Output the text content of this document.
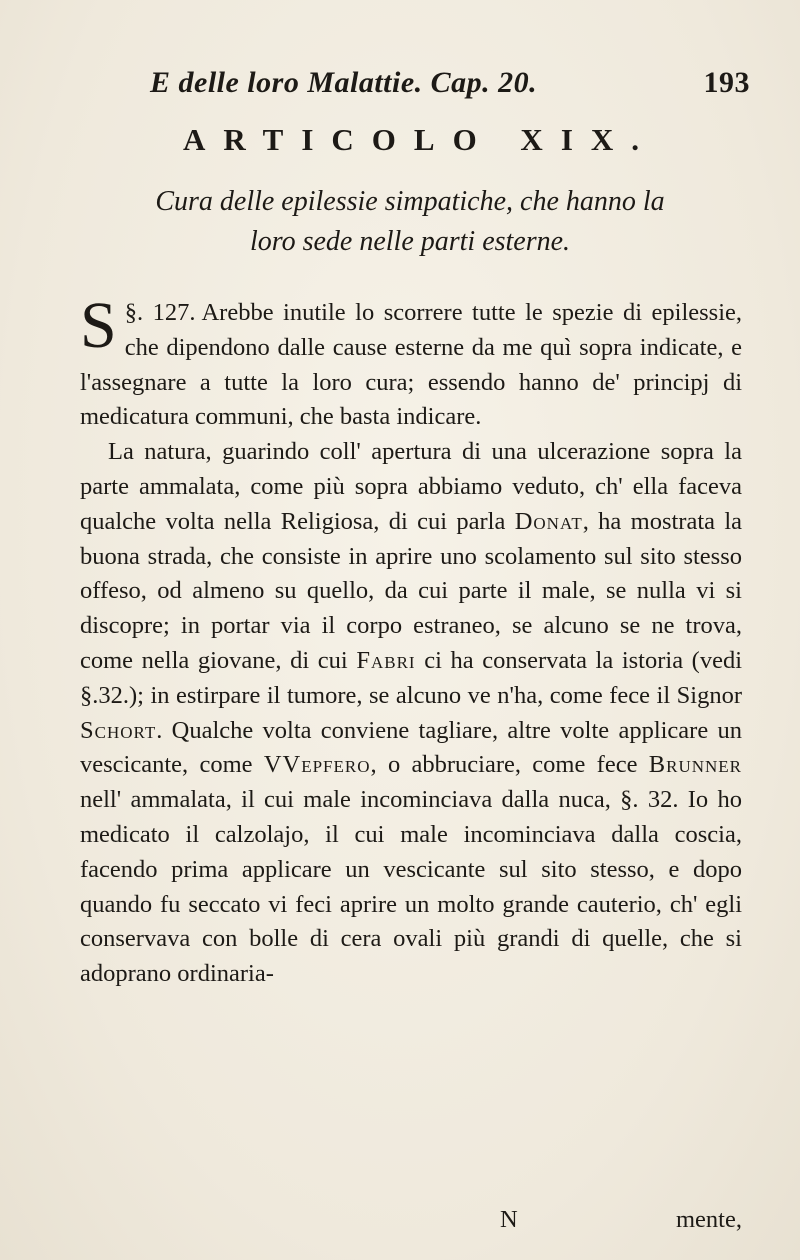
E delle loro Malattie. Cap. 20.	193
ARTICOLO XIX.
Cura delle epilessie simpatiche, che hanno la
loro sede nelle parti esterne.

§. 127.
S	Arebbe inutile lo scorrere tutte le spezie di epilessie, che dipendono dalle cause esterne da me quì sopra indicate, e l'assegnare a tutte la loro cura; essendo hanno de' principj di medicatura communi, che basta indicare.

La natura, guarindo coll' apertura di una ulcerazione sopra la parte ammalata, come più sopra abbiamo veduto, ch' ella faceva qualche volta nella Religiosa, di cui parla Donat, ha mostrata la buona strada, che consiste in aprire uno scolamento sul sito stesso offeso, od almeno su quello, da cui parte il male, se nulla vi si discopre; in portar via il corpo estraneo, se alcuno se ne trova, come nella giovane, di cui Fabri ci ha conservata la istoria (vedi §.32.); in estirpare il tumore, se alcuno ve n'ha, come fece il Signor Schort. Qualche volta conviene tagliare, altre volte applicare un vescicante, come VVepfero, o abbruciare, come fece Brunner nell' ammalata, il cui male incominciava dalla nuca, §. 32. Io ho medicato il calzolajo, il cui male incominciava dalla coscia, facendo prima applicare un vescicante sul sito stesso, e dopo quando fu seccato vi feci aprire un molto grande cauterio, ch' egli conservava con bolle di cera ovali più grandi di quelle, che si adoprano ordinaria-

N	mente,
